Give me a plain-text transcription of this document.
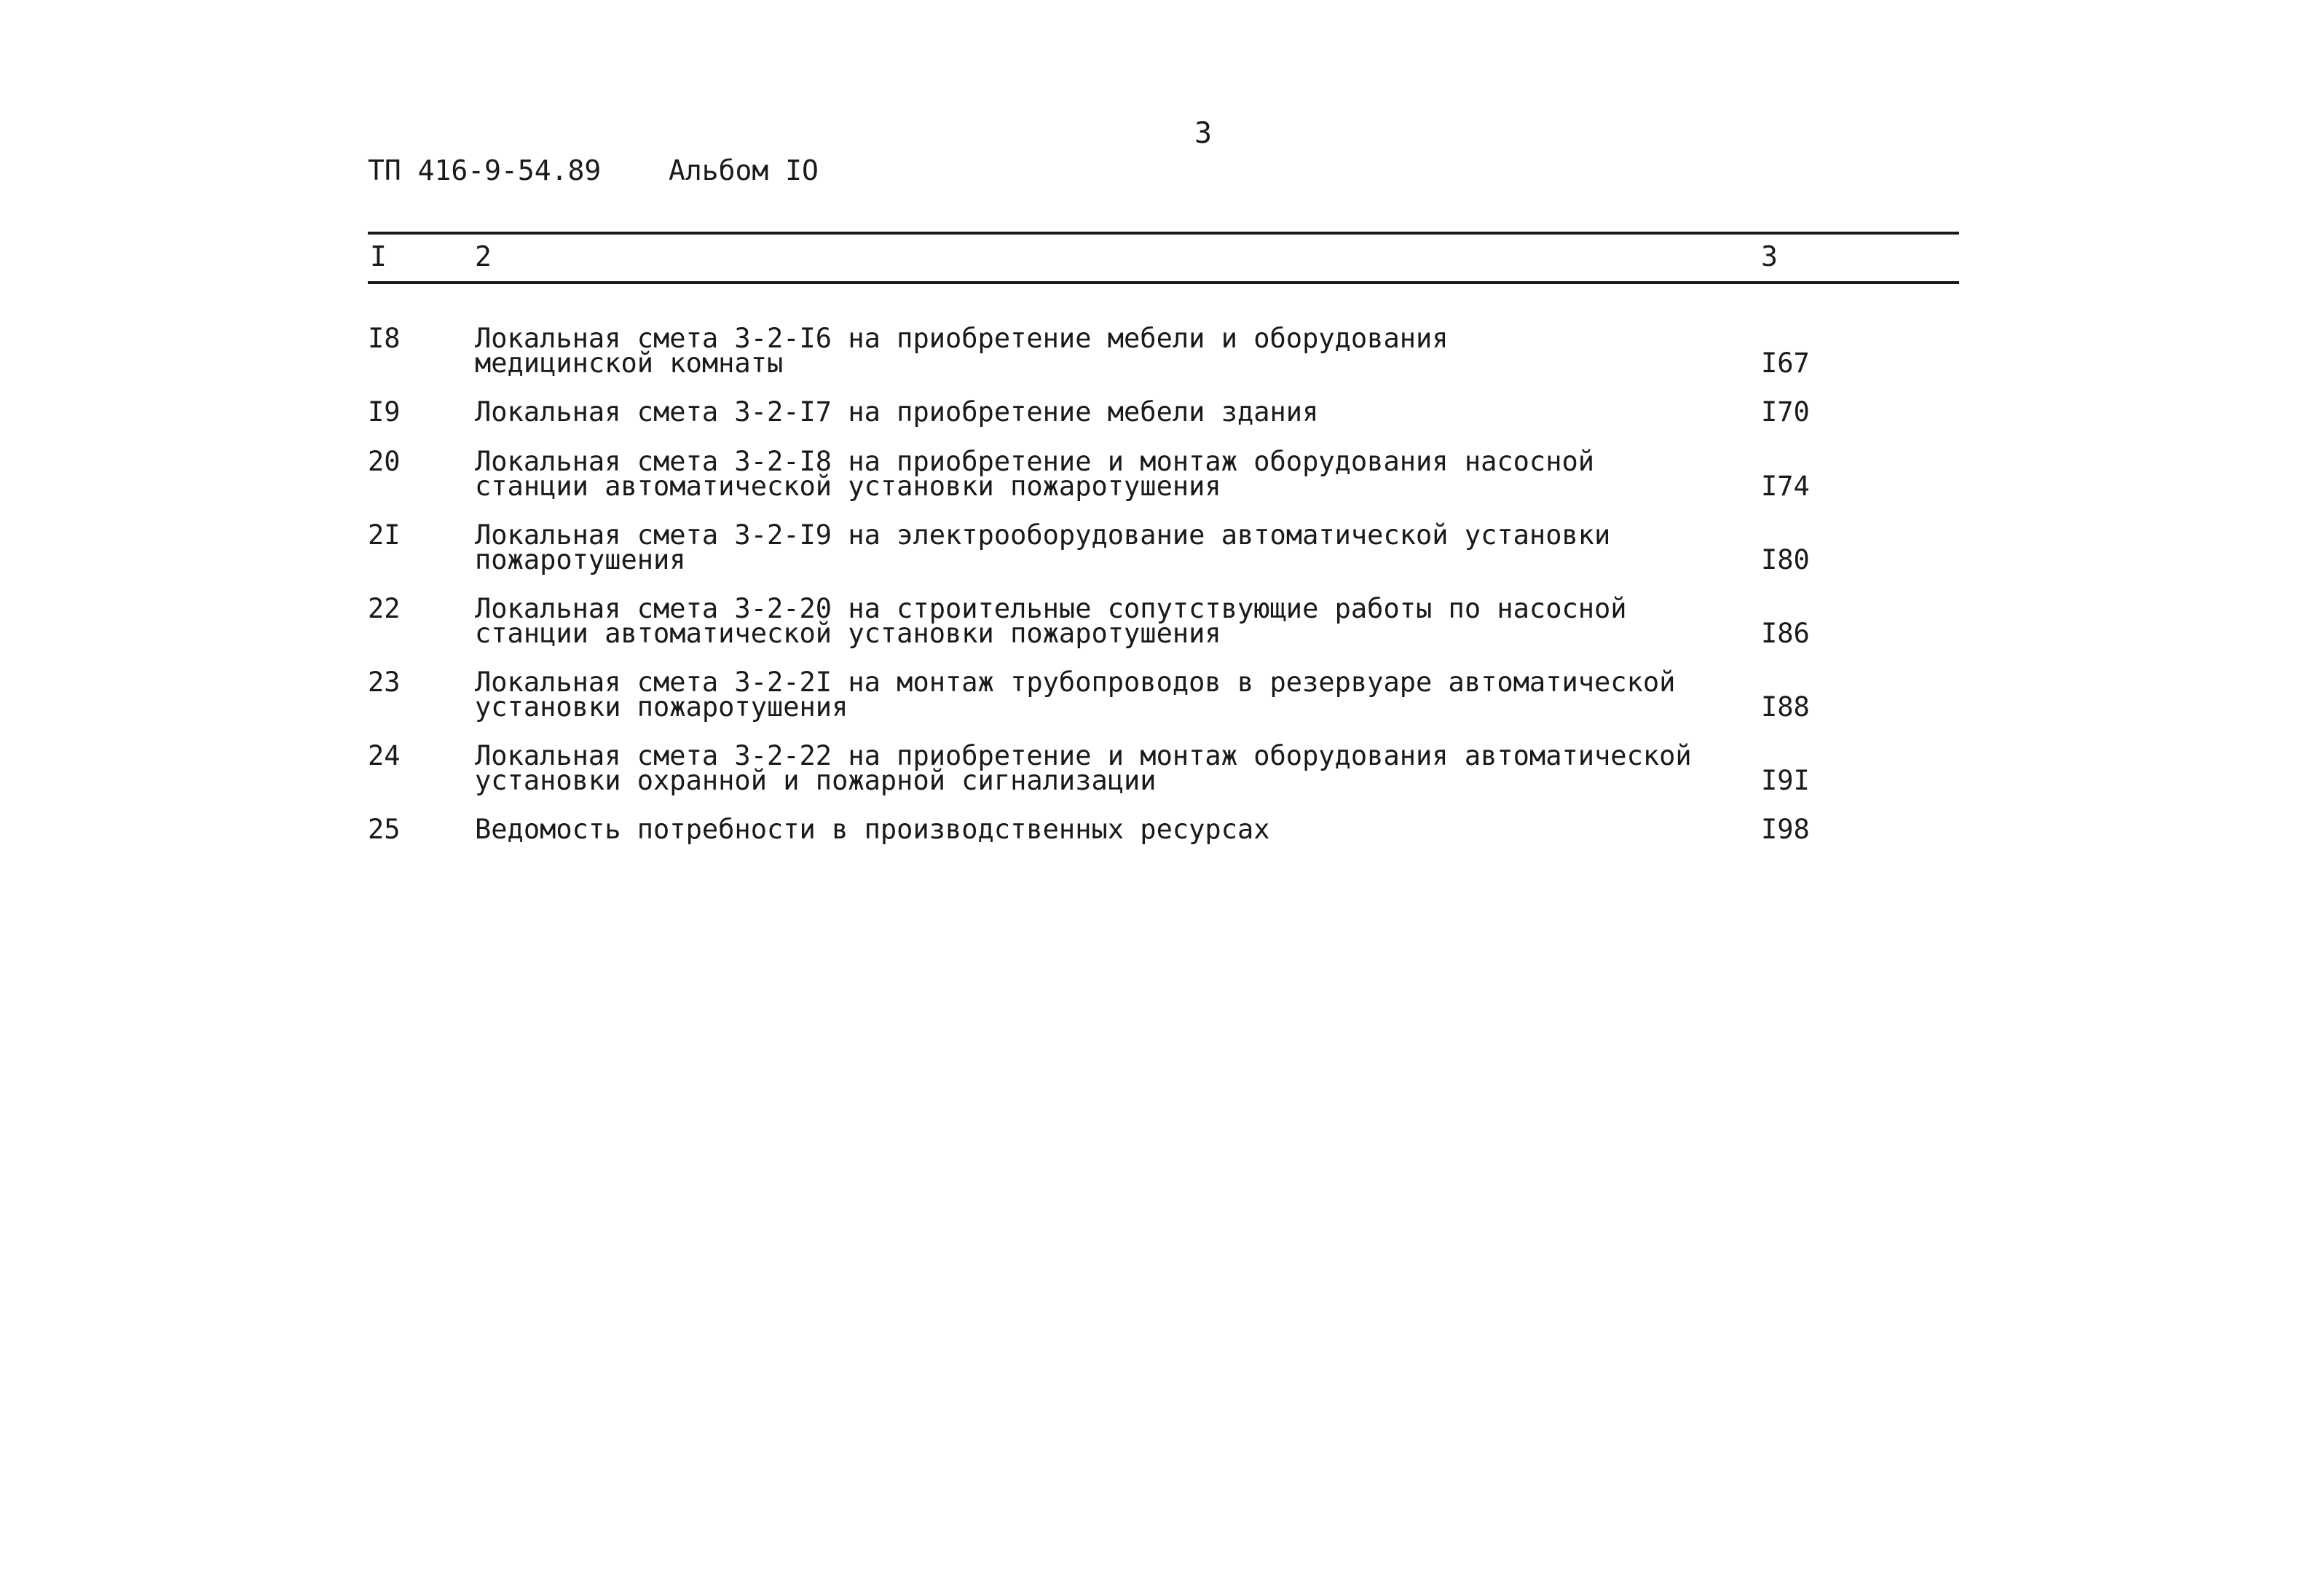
3
ТП 416-9-54.89 Альбом IO
I	2	3
I8	Локальная смета 3-2-I6 на приобретение мебели и оборудования
медицинской комнаты	I67
I9	Локальная смета 3-2-I7 на приобретение мебели здания	I70
20	Локальная смета 3-2-I8 на приобретение и монтаж оборудования насосной
станции автоматической установки пожаротушения	I74
2I	Локальная смета 3-2-I9 на электрооборудование автоматической установки
пожаротушения	I80
22	Локальная смета 3-2-20 на строительные сопутствующие работы по насосной
станции автоматической установки пожаротушения	I86
23	Локальная смета 3-2-2I на монтаж трубопроводов в резервуаре автоматической
установки пожаротушения	I88
24	Локальная смета 3-2-22 на приобретение и монтаж оборудования автоматической
установки охранной и пожарной сигнализации	I9I
25	Ведомость потребности в производственных ресурсах	I98
